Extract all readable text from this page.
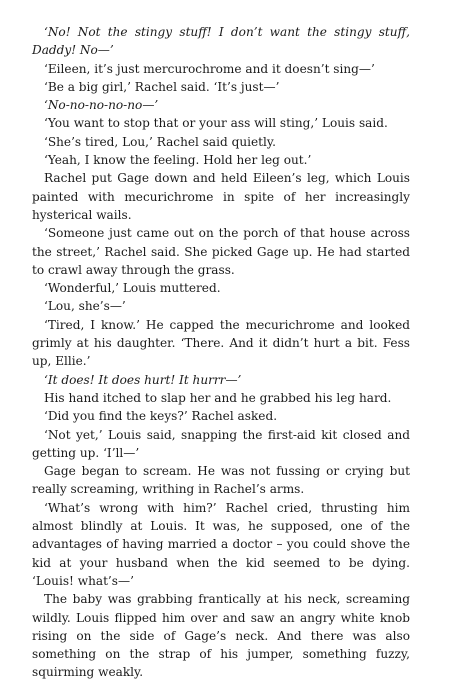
‘No! Not the stingy stuff! I don’t want the stingy stuff, Daddy! No—’

‘Eileen, it’s just mercurochrome and it doesn’t sing—’

‘Be a big girl,’ Rachel said. ‘It’s just—’

‘No-no-no-no-no—’

‘You want to stop that or your ass will sting,’ Louis said.

‘She’s tired, Lou,’ Rachel said quietly.

‘Yeah, I know the feeling. Hold her leg out.’

Rachel put Gage down and held Eileen’s leg, which Louis painted with mecurichrome in spite of her increasingly hysterical wails.

‘Someone just came out on the porch of that house across the street,’ Rachel said. She picked Gage up. He had started to crawl away through the grass.

‘Wonderful,’ Louis muttered.

‘Lou, she’s—’

‘Tired, I know.’ He capped the mecurichrome and looked grimly at his daughter. ‘There. And it didn’t hurt a bit. Fess up, Ellie.’

‘It does! It does hurt! It hurrr—’

His hand itched to slap her and he grabbed his leg hard.

‘Did you find the keys?’ Rachel asked.

‘Not yet,’ Louis said, snapping the first-aid kit closed and getting up. ‘I’ll—’

Gage began to scream. He was not fussing or crying but really screaming, writhing in Rachel’s arms.

‘What’s wrong with him?’ Rachel cried, thrusting him almost blindly at Louis. It was, he supposed, one of the advantages of having married a doctor – you could shove the kid at your husband when the kid seemed to be dying. ‘Louis! what’s—’

The baby was grabbing frantically at his neck, screaming wildly. Louis flipped him over and saw an angry white knob rising on the side of Gage’s neck. And there was also something on the strap of his jumper, something fuzzy, squirming weakly.
